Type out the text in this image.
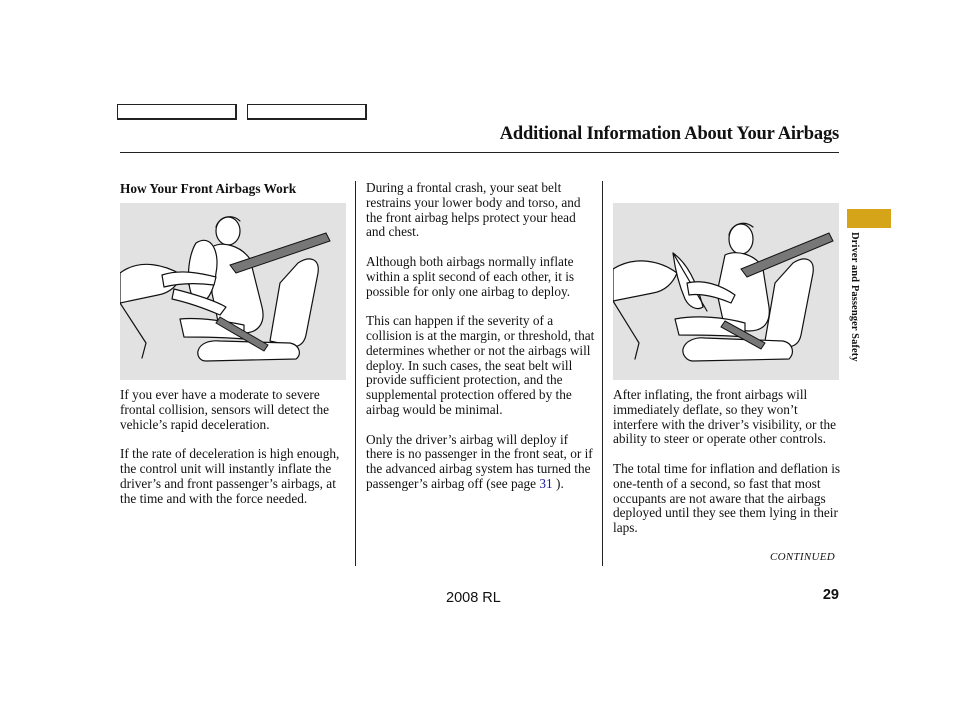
Additional Information About Your Airbags
How Your Front Airbags Work

If you ever have a moderate to severe frontal collision, sensors will detect the vehicle’s rapid deceleration.

If the rate of deceleration is high enough, the control unit will instantly inflate the driver’s and front passenger’s airbags, at the time and with the force needed.

During a frontal crash, your seat belt restrains your lower body and torso, and the front airbag helps protect your head and chest.

Although both airbags normally inflate within a split second of each other, it is possible for only one airbag to deploy.

This can happen if the severity of a collision is at the margin, or threshold, that determines whether or not the airbags will deploy. In such cases, the seat belt will provide sufficient protection, and the supplemental protection offered by the airbag would be minimal.

Only the driver’s airbag will deploy if there is no passenger in the front seat, or if the advanced airbag system has turned the passenger’s airbag off (see page 31 ).

After inflating, the front airbags will immediately deflate, so they won’t interfere with the driver’s visibility, or the ability to steer or operate other controls.

The total time for inflation and deflation is one-tenth of a second, so fast that most occupants are not aware that the airbags deployed until they see them lying in their laps.

CONTINUED
Driver and Passenger Safety
2008 RL	29
